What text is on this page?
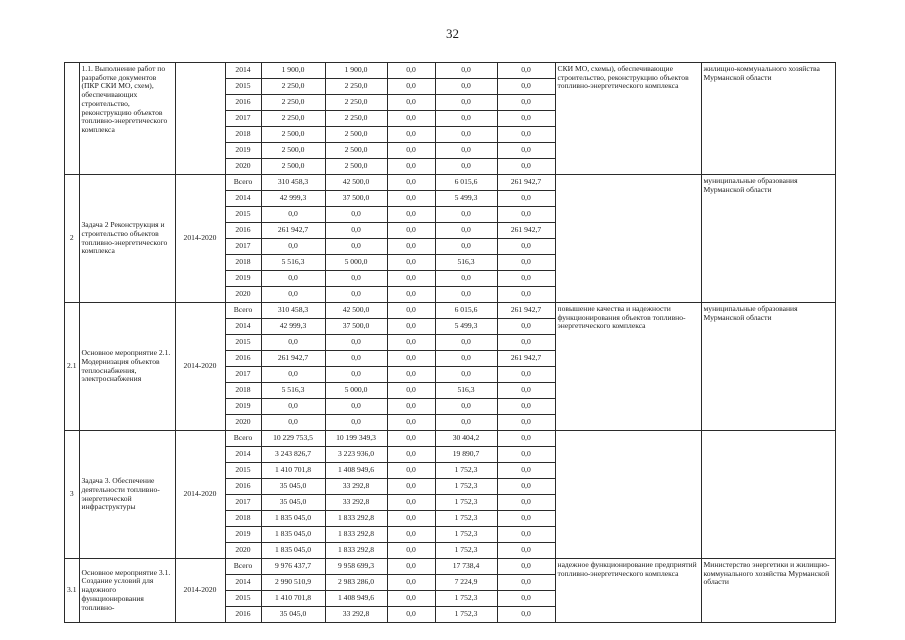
32
	1.1. Выполнение работ по разработке документов (ПКР СКИ МО, схем), обеспечивающих строительство, реконструкцию объектов топливно-энергетического комплекса		2014	1 900,0	1 900,0	0,0	0,0	0,0	СКИ МО, схемы), обеспечивающие строительство, реконструкцию объектов топливно-энергетического комплекса	жилищно-коммунального хозяйства Мурманской области
			2015	2 250,0	2 250,0	0,0	0,0	0,0		
			2016	2 250,0	2 250,0	0,0	0,0	0,0		
			2017	2 250,0	2 250,0	0,0	0,0	0,0		
			2018	2 500,0	2 500,0	0,0	0,0	0,0		
			2019	2 500,0	2 500,0	0,0	0,0	0,0		
			2020	2 500,0	2 500,0	0,0	0,0	0,0		
2	Задача 2 Реконструкция и строительство объектов топливно-энергетического комплекса	2014-2020	Всего	310 458,3	42 500,0	0,0	6 015,6	261 942,7		муниципальные образования Мурманской области
			2014	42 999,3	37 500,0	0,0	5 499,3	0,0		
			2015	0,0	0,0	0,0	0,0	0,0		
			2016	261 942,7	0,0	0,0	0,0	261 942,7		
			2017	0,0	0,0	0,0	0,0	0,0		
			2018	5 516,3	5 000,0	0,0	516,3	0,0		
			2019	0,0	0,0	0,0	0,0	0,0		
			2020	0,0	0,0	0,0	0,0	0,0		
2.1	Основное мероприятие 2.1. Модернизация объектов теплоснабжения, электроснабжения	2014-2020	Всего	310 458,3	42 500,0	0,0	6 015,6	261 942,7	повышение качества и надежности функционирования объектов топливно-энергетического комплекса	муниципальные образования Мурманской области
			2014	42 999,3	37 500,0	0,0	5 499,3	0,0		
			2015	0,0	0,0	0,0	0,0	0,0		
			2016	261 942,7	0,0	0,0	0,0	261 942,7		
			2017	0,0	0,0	0,0	0,0	0,0		
			2018	5 516,3	5 000,0	0,0	516,3	0,0		
			2019	0,0	0,0	0,0	0,0	0,0		
			2020	0,0	0,0	0,0	0,0	0,0		
3	Задача 3. Обеспечение деятельности топливно-энергетической инфраструктуры	2014-2020	Всего	10 229 753,5	10 199 349,3	0,0	30 404,2	0,0		
			2014	3 243 826,7	3 223 936,0	0,0	19 890,7	0,0		
			2015	1 410 701,8	1 408 949,6	0,0	1 752,3	0,0		
			2016	35 045,0	33 292,8	0,0	1 752,3	0,0		
			2017	35 045,0	33 292,8	0,0	1 752,3	0,0		
			2018	1 835 045,0	1 833 292,8	0,0	1 752,3	0,0		
			2019	1 835 045,0	1 833 292,8	0,0	1 752,3	0,0		
			2020	1 835 045,0	1 833 292,8	0,0	1 752,3	0,0		
3.1	Основное мероприятие 3.1. Создание условий для надежного функционирования топливно-	2014-2020	Всего	9 976 437,7	9 958 699,3	0,0	17 738,4	0,0	надежное функционирование предприятий топливно-энергетического комплекса	Министерство энергетики и жилищно-коммунального хозяйства Мурманской области
			2014	2 990 510,9	2 983 286,0	0,0	7 224,9	0,0		
			2015	1 410 701,8	1 408 949,6	0,0	1 752,3	0,0		
			2016	35 045,0	33 292,8	0,0	1 752,3	0,0		
